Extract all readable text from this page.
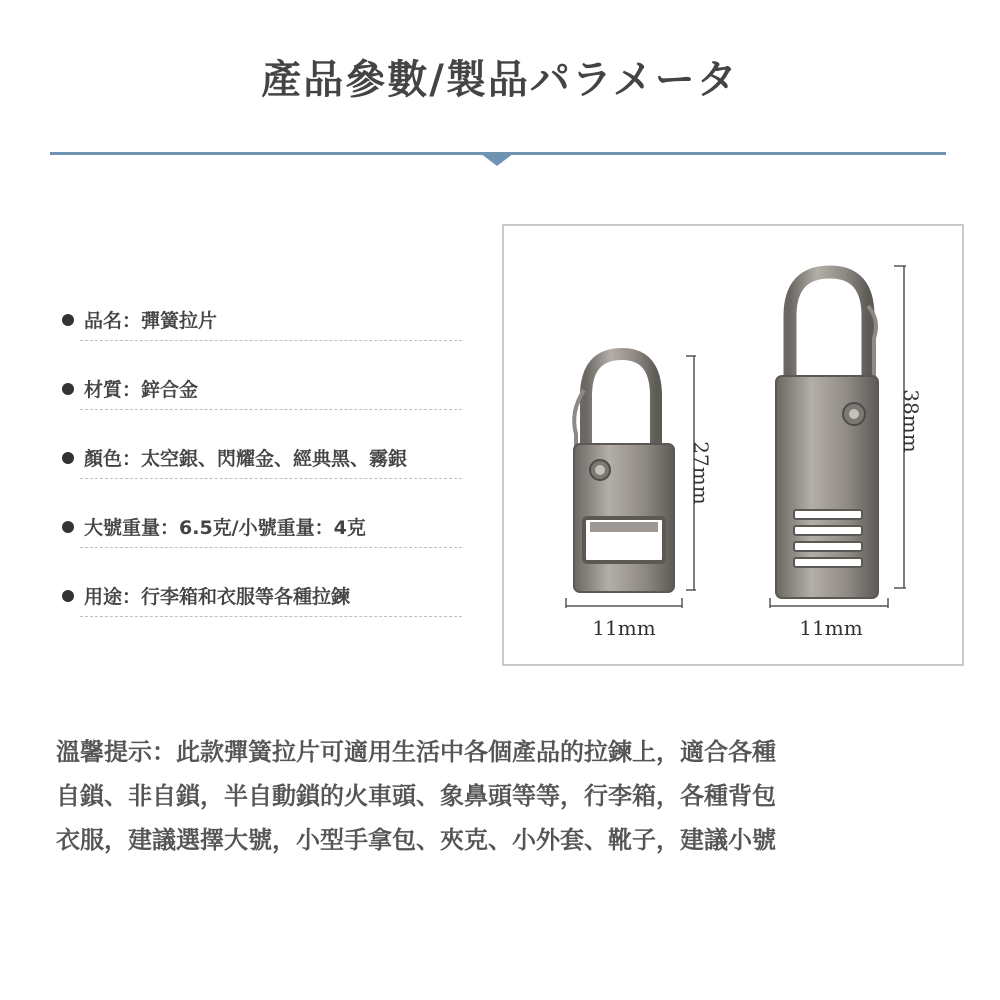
產品參數/製品パラメータ
品名：彈簧拉片
材質：鋅合金
顏色：太空銀、閃耀金、經典黑、霧銀
大號重量：6.5克/小號重量：4克
用途：行李箱和衣服等各種拉鍊
27mm
11mm
38mm
11mm
溫馨提示：此款彈簧拉片可適用生活中各個產品的拉鍊上，適合各種
自鎖、非自鎖，半自動鎖的火車頭、象鼻頭等等，行李箱，各種背包
衣服，建議選擇大號，小型手拿包、夾克、小外套、靴子，建議小號
